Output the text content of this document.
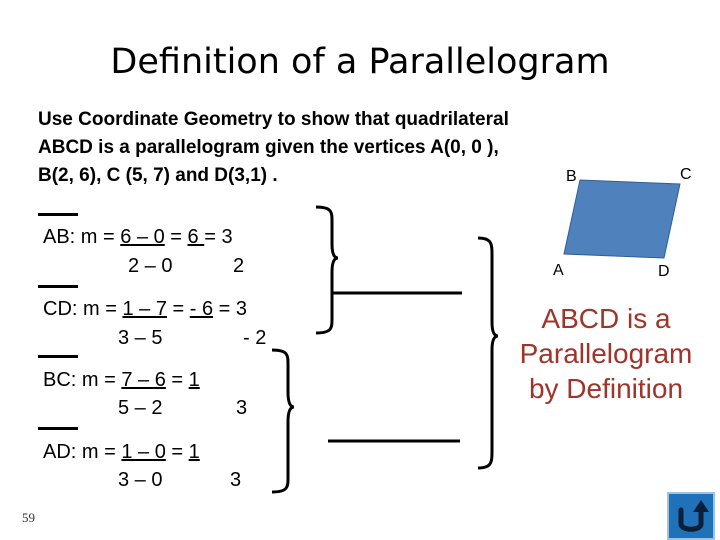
Definition of a Parallelogram
Use Coordinate Geometry to show that quadrilateral
ABCD is a parallelogram given the vertices A(0, 0 ),
B(2, 6), C (5, 7) and D(3,1) .
AB: m = 6 – 0 = 6 = 3
2 – 0	2
CD: m = 1 – 7 = - 6 = 3
3 – 5	- 2
BC: m = 7 – 6 = 1
5 – 2	3
AD: m = 1 – 0 = 1
3 – 0	3
B	C
A	D
ABCD is a
Parallelogram
by Definition
59
